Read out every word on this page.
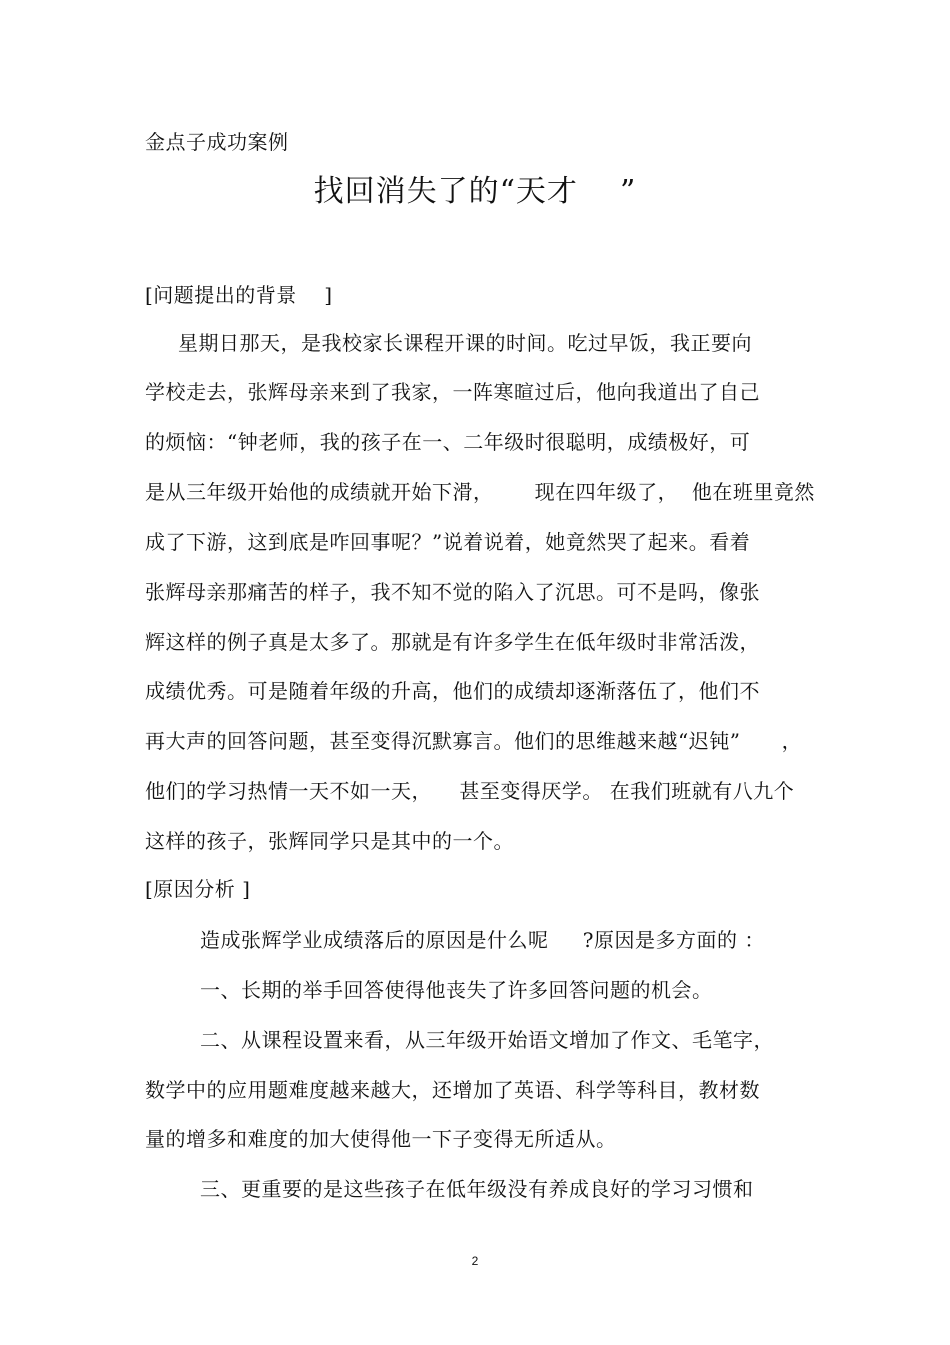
金点子成功案例
找回消失了的“天才    ”
[问题提出的背景    ]
星期日那天，是我校家长课程开课的时间。吃过早饭，我正要向
学校走去，张辉母亲来到了我家，一阵寒暄过后，他向我道出了自己
的烦恼：“钟老师，我的孩子在一、二年级时很聪明，成绩极好，可
是从三年级开始他的成绩就开始下滑，      现在四年级了，  他在班里竟然
成了下游，这到底是咋回事呢？”说着说着，她竟然哭了起来。看着
张辉母亲那痛苦的样子，我不知不觉的陷入了沉思。可不是吗，像张
辉这样的例子真是太多了。那就是有许多学生在低年级时非常活泼，
成绩优秀。可是随着年级的升高，他们的成绩却逐渐落伍了，他们不
再大声的回答问题，甚至变得沉默寡言。他们的思维越来越“迟钝”      ，
他们的学习热情一天不如一天，    甚至变得厌学。 在我们班就有八九个
这样的孩子，张辉同学只是其中的一个。
[原因分析 ]
造成张辉学业成绩落后的原因是什么呢     ?原因是多方面的 ：
一、长期的举手回答使得他丧失了许多回答问题的机会。
二、从课程设置来看，从三年级开始语文增加了作文、毛笔字，
数学中的应用题难度越来越大，还增加了英语、科学等科目，教材数
量的增多和难度的加大使得他一下子变得无所适从。
三、更重要的是这些孩子在低年级没有养成良好的学习习惯和
2
